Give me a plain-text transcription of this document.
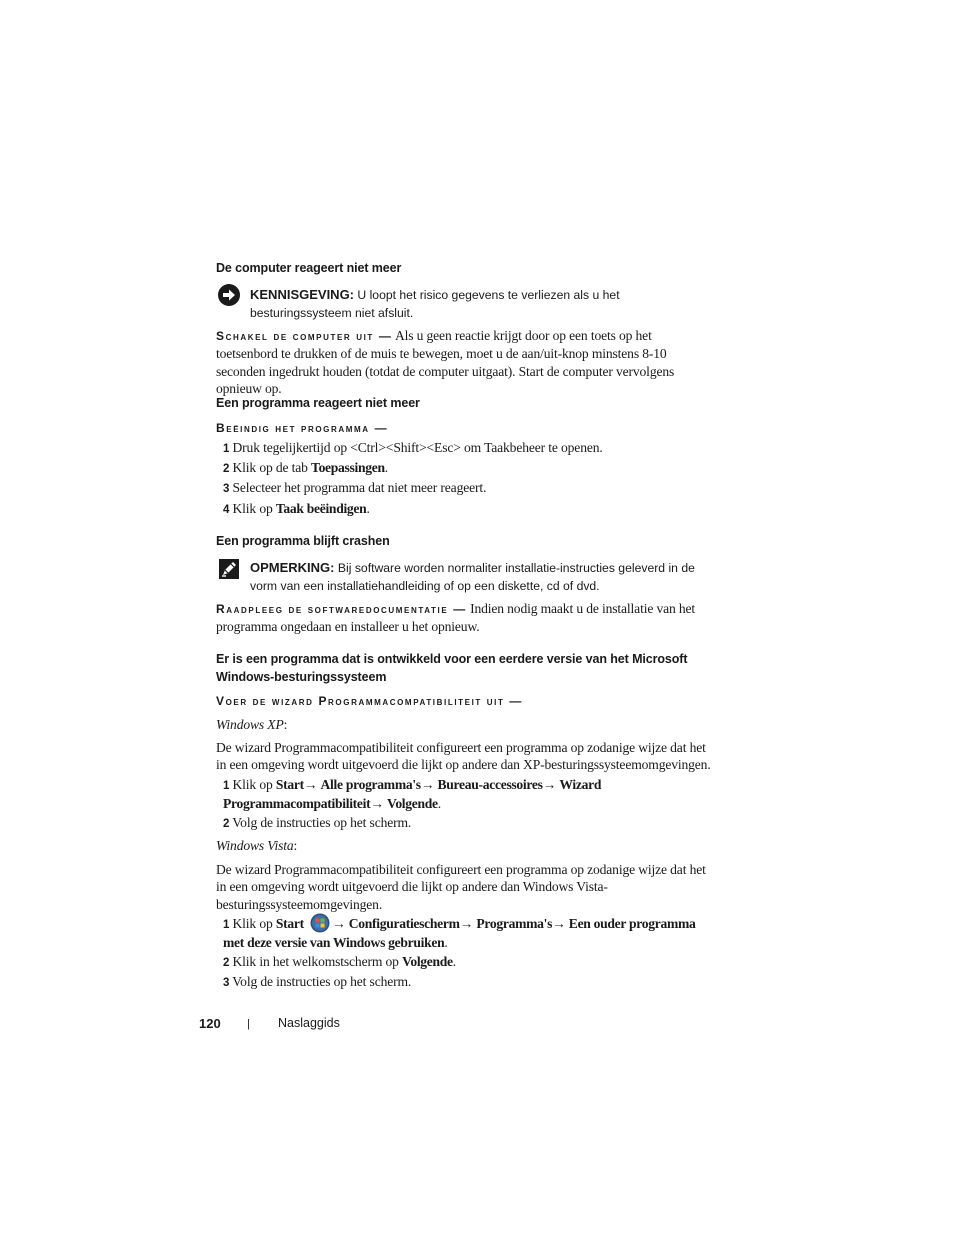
De computer reageert niet meer
KENNISGEVING: U loopt het risico gegevens te verliezen als u het besturingssysteem niet afsluit.
Schakel de computer uit — Als u geen reactie krijgt door op een toets op het toetsenbord te drukken of de muis te bewegen, moet u de aan/uit-knop minstens 8-10 seconden ingedrukt houden (totdat de computer uitgaat). Start de computer vervolgens opnieuw op.
Een programma reageert niet meer
Beëindig het programma —
1 Druk tegelijkertijd op <Ctrl><Shift><Esc> om Taakbeheer te openen.
2 Klik op de tab Toepassingen.
3 Selecteer het programma dat niet meer reageert.
4 Klik op Taak beëindigen.
Een programma blijft crashen
OPMERKING: Bij software worden normaliter installatie-instructies geleverd in de vorm van een installatiehandleiding of op een diskette, cd of dvd.
Raadpleeg de softwaredocumentatie — Indien nodig maakt u de installatie van het programma ongedaan en installeer u het opnieuw.
Er is een programma dat is ontwikkeld voor een eerdere versie van het Microsoft Windows-besturingssysteem
Voer de wizard Programmacompatibiliteit uit —
Windows XP:
De wizard Programmacompatibiliteit configureert een programma op zodanige wijze dat het in een omgeving wordt uitgevoerd die lijkt op andere dan XP-besturingssysteemomgevingen.
1 Klik op Start→ Alle programma's→ Bureau-accessoires→ Wizard Programmacompatibiliteit→ Volgende.
2 Volg de instructies op het scherm.
Windows Vista:
De wizard Programmacompatibiliteit configureert een programma op zodanige wijze dat het in een omgeving wordt uitgevoerd die lijkt op andere dan Windows Vista-besturingssysteemomgevingen.
1 Klik op Start → Configuratiescherm→ Programma's→ Een ouder programma met deze versie van Windows gebruiken.
2 Klik in het welkomstscherm op Volgende.
3 Volg de instructies op het scherm.
120 | Naslaggids
